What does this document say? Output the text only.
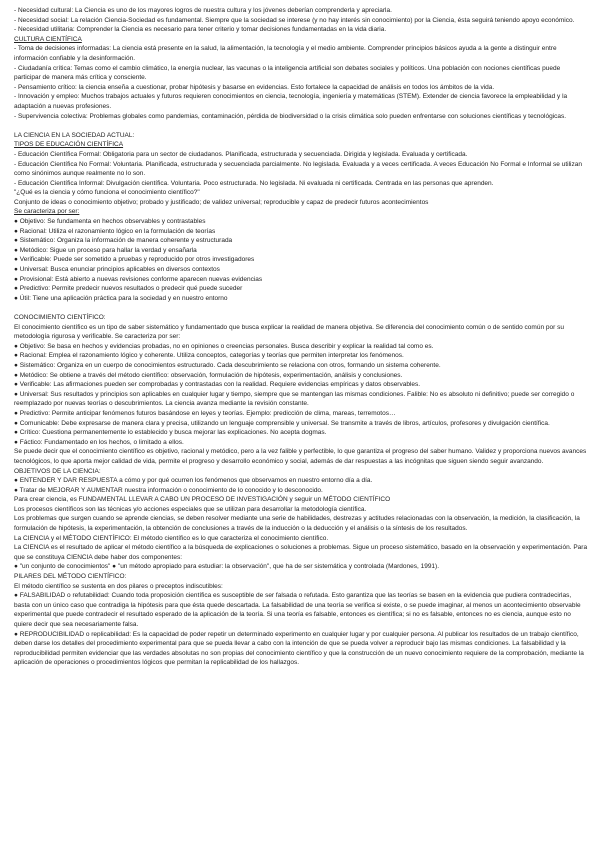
- Necesidad cultural: La Ciencia es uno de los mayores logros de nuestra cultura y los jóvenes deberían comprenderla y apreciarla.

- Necesidad social: La relación Ciencia-Sociedad es fundamental. Siempre que la sociedad se interese (y no hay interés sin conocimiento) por la Ciencia, ésta seguirá teniendo apoyo económico.

- Necesidad utilitaria: Comprender la Ciencia es necesario para tener criterio y tomar decisiones fundamentadas en la vida diaria.

CULTURA CIENTÍFICA

- Toma de decisiones informadas: La ciencia está presente en la salud, la alimentación, la tecnología y el medio ambiente. Comprender principios básicos ayuda a la gente a distinguir entre información confiable y la desinformación.

- Ciudadanía crítica: Temas como el cambio climático, la energía nuclear, las vacunas o la inteligencia artificial son debates sociales y políticos. Una población con nociones científicas puede participar de manera más crítica y consciente.

- Pensamiento crítico: la ciencia enseña a cuestionar, probar hipótesis y basarse en evidencias. Esto fortalece la capacidad de análisis en todos los ámbitos de la vida.

- Innovación y empleo: Muchos trabajos actuales y futuros requieren conocimientos en ciencia, tecnología, ingeniería y matemáticas (STEM). Extender de ciencia favorece la empleabilidad y la adaptación a nuevas profesiones.

- Supervivencia colectiva: Problemas globales como pandemias, contaminación, pérdida de biodiversidad o la crisis climática solo pueden enfrentarse con soluciones científicas y tecnológicas.

LA CIENCIA EN LA SOCIEDAD ACTUAL:

TIPOS DE EDUCACIÓN CIENTÍFICA

- Educación Científica Formal: Obligatoria para un sector de ciudadanos. Planificada, estructurada y secuenciada. Dirigida y legislada. Evaluada y certificada.

- Educación Científica No Formal: Voluntaria. Planificada, estructurada y secuenciada parcialmente. No legislada. Evaluada y a veces certificada. A veces Educación No Formal e Informal se utilizan como sinónimos aunque realmente no lo son.

- Educación Científica Informal: Divulgación científica. Voluntaria. Poco estructurada. No legislada. Ni evaluada ni certificada. Centrada en las personas que aprenden.

"¿Qué es la ciencia y cómo funciona el conocimiento científico?"

Conjunto de ideas o conocimiento objetivo; probado y justificado; de validez universal; reproducible y capaz de predecir futuros acontecimientos

Se caracteriza por ser:

● Objetivo: Se fundamenta en hechos observables y contrastables

● Racional: Utiliza el razonamiento lógico en la formulación de teorías

● Sistemático: Organiza la información de manera coherente y estructurada

● Metódico: Sigue un proceso para hallar la verdad y ensañarla

● Verificable: Puede ser sometido a pruebas y reproducido por otros investigadores

● Universal: Busca enunciar principios aplicables en diversos contextos

● Provisional: Está abierto a nuevas revisiones conforme aparecen nuevas evidencias

● Predictivo: Permite predecir nuevos resultados o predecir qué puede suceder

● Útil: Tiene una aplicación práctica para la sociedad y en nuestro entorno

CONOCIMIENTO CIENTÍFICO:

El conocimiento científico es un tipo de saber sistemático y fundamentado que busca explicar la realidad de manera objetiva. Se diferencia del conocimiento común o de sentido común por su metodología rigurosa y verificable. Se caracteriza por ser:

● Objetivo: Se basa en hechos y evidencias probadas, no en opiniones o creencias personales. Busca describir y explicar la realidad tal como es.

● Racional: Emplea el razonamiento lógico y coherente. Utiliza conceptos, categorías y teorías que permiten interpretar los fenómenos.

● Sistemático: Organiza en un cuerpo de conocimientos estructurado. Cada descubrimiento se relaciona con otros, formando un sistema coherente.

● Metódico: Se obtiene a través del método científico: observación, formulación de hipótesis, experimentación, análisis y conclusiones.

● Verificable: Las afirmaciones pueden ser comprobadas y contrastadas con la realidad. Requiere evidencias empíricas y datos observables.

● Universal: Sus resultados y principios son aplicables en cualquier lugar y tiempo, siempre que se mantengan las mismas condiciones. Falible: No es absoluto ni definitivo; puede ser corregido o reemplazado por nuevas teorías o descubrimientos. La ciencia avanza mediante la revisión constante.

● Predictivo: Permite anticipar fenómenos futuros basándose en leyes y teorías. Ejemplo: predicción de clima, mareas, terremotos…

● Comunicable: Debe expresarse de manera clara y precisa, utilizando un lenguaje comprensible y universal. Se transmite a través de libros, artículos, profesores y divulgación científica.

● Crítico: Cuestiona permanentemente lo establecido y busca mejorar las explicaciones. No acepta dogmas.

● Fáctico: Fundamentado en los hechos, o limitado a ellos.

Se puede decir que el conocimiento científico es objetivo, racional y metódico, pero a la vez falible y perfectible, lo que garantiza el progreso del saber humano. Validez y proporciona nuevos avances tecnológicos, lo que aporta mejor calidad de vida, permite el progreso y desarrollo económico y social, además de dar respuestas a las incógnitas que siguen siendo seguir avanzando.

OBJETIVOS DE LA CIENCIA:

● ENTENDER Y DAR RESPUESTA a cómo y por qué ocurren los fenómenos que observamos en nuestro entorno día a día.

● Tratar de MEJORAR Y AUMENTAR nuestra información o conocimiento de lo conocido y lo desconocido.

Para crear ciencia, es FUNDAMENTAL LLEVAR A CABO UN PROCESO DE INVESTIGACIÓN y seguir un MÉTODO CIENTÍFICO

Los procesos científicos son las técnicas y/o acciones especiales que se utilizan para desarrollar la metodología científica.

Los problemas que surgen cuando se aprende ciencias, se deben resolver mediante una serie de habilidades, destrezas y actitudes relacionadas con la observación, la medición, la clasificación, la formulación de hipótesis, la experimentación, la obtención de conclusiones a través de la inducción o la deducción y el análisis o la síntesis de los resultados.

La CIENCIA y el MÉTODO CIENTÍFICO: El método científico es lo que caracteriza el conocimiento científico.

La CIENCIA es el resultado de aplicar el método científico a la búsqueda de explicaciones o soluciones a problemas. Sigue un proceso sistemático, basado en la observación y experimentación. Para que se constituya CIENCIA debe haber dos componentes:

● "un conjunto de conocimientos" ● "un método apropiado para estudiar: la observación", que ha de ser sistemática y controlada (Mardones, 1991).

PILARES DEL MÉTODO CIENTÍFICO:

El método científico se sustenta en dos pilares o preceptos indiscutibles:

● FALSABILIDAD o refutabilidad: Cuando toda proposición científica es susceptible de ser falsada o refutada. Esto garantiza que las teorías se basen en la evidencia que pudiera contradecirlas, basta con un único caso que contradiga la hipótesis para que ésta quede descartada. La falsabilidad de una teoría se verifica si existe, o se puede imaginar, al menos un acontecimiento observable experimental que puede contradecir el resultado esperado de la aplicación de la teoría. Si una teoría es falsable, entonces es científica; si no es falsable, entonces no es ciencia, aunque esto no quiere decir que sea necesariamente falsa.

● REPRODUCIBILIDAD o replicabilidad: Es la capacidad de poder repetir un determinado experimento en cualquier lugar y por cualquier persona. Al publicar los resultados de un trabajo científico, deben darse los detalles del procedimiento experimental para que se pueda llevar a cabo con la intención de que se pueda volver a reproducir bajo las mismas condiciones. La falsabilidad y la reproducibilidad permiten evidenciar que las verdades absolutas no son propias del conocimiento científico y que la construcción de un nuevo conocimiento requiere de la comprobación, mediante la aplicación de operaciones o procedimientos lógicos que permitan la replicabilidad de los hallazgos.
